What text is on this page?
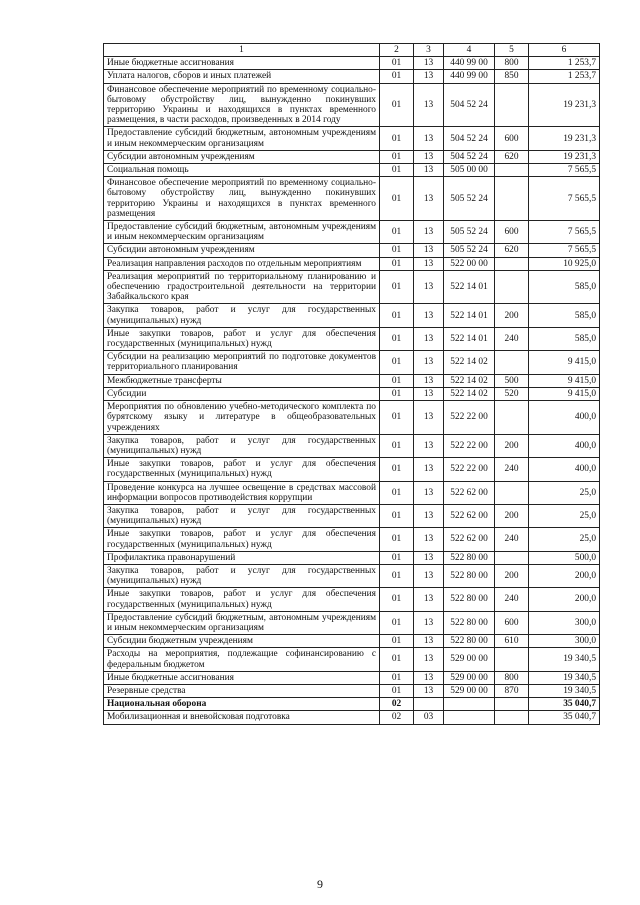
1	2	3	4	5	6
Иные бюджетные ассигнования	01	13	440 99 00	800	1 253,7
Уплата налогов, сборов и иных платежей	01	13	440 99 00	850	1 253,7
Финансовое обеспечение мероприятий по временному социально-бытовому обустройству лиц, вынужденно покинувших территорию Украины и находящихся в пунктах временного размещения, в части расходов, произведенных в 2014 году	01	13	504 52 24		19 231,3
Предоставление субсидий бюджетным, автономным учреждениям и иным некоммерческим организациям	01	13	504 52 24	600	19 231,3
Субсидии автономным учреждениям	01	13	504 52 24	620	19 231,3
Социальная помощь	01	13	505 00 00		7 565,5
Финансовое обеспечение мероприятий по временному социально-бытовому обустройству лиц, вынужденно покинувших территорию Украины и находящихся в пунктах временного размещения	01	13	505 52 24		7 565,5
Предоставление субсидий бюджетным, автономным учреждениям и иным некоммерческим организациям	01	13	505 52 24	600	7 565,5
Субсидии автономным учреждениям	01	13	505 52 24	620	7 565,5
Реализация направления расходов по отдельным мероприятиям	01	13	522 00 00		10 925,0
Реализация мероприятий по территориальному планированию и обеспечению градостроительной деятельности на территории Забайкальского края	01	13	522 14 01		585,0
Закупка товаров, работ и услуг для государственных (муниципальных) нужд	01	13	522 14 01	200	585,0
Иные закупки товаров, работ и услуг для обеспечения государственных (муниципальных) нужд	01	13	522 14 01	240	585,0
Субсидии на реализацию мероприятий по подготовке документов территориального планирования	01	13	522 14 02		9 415,0
Межбюджетные трансферты	01	13	522 14 02	500	9 415,0
Субсидии	01	13	522 14 02	520	9 415,0
Мероприятия по обновлению учебно-методического комплекта по бурятскому языку и литературе в общеобразовательных учреждениях	01	13	522 22 00		400,0
Закупка товаров, работ и услуг для государственных (муниципальных) нужд	01	13	522 22 00	200	400,0
Иные закупки товаров, работ и услуг для обеспечения государственных (муниципальных) нужд	01	13	522 22 00	240	400,0
Проведение конкурса на лучшее освещение в средствах массовой информации вопросов противодействия коррупции	01	13	522 62 00		25,0
Закупка товаров, работ и услуг для государственных (муниципальных) нужд	01	13	522 62 00	200	25,0
Иные закупки товаров, работ и услуг для обеспечения государственных (муниципальных) нужд	01	13	522 62 00	240	25,0
Профилактика правонарушений	01	13	522 80 00		500,0
Закупка товаров, работ и услуг для государственных (муниципальных) нужд	01	13	522 80 00	200	200,0
Иные закупки товаров, работ и услуг для обеспечения государственных (муниципальных) нужд	01	13	522 80 00	240	200,0
Предоставление субсидий бюджетным, автономным учреждениям и иным некоммерческим организациям	01	13	522 80 00	600	300,0
Субсидии бюджетным учреждениям	01	13	522 80 00	610	300,0
Расходы на мероприятия, подлежащие софинансированию с федеральным бюджетом	01	13	529 00 00		19 340,5
Иные бюджетные ассигнования	01	13	529 00 00	800	19 340,5
Резервные средства	01	13	529 00 00	870	19 340,5
Национальная оборона	02				35 040,7
Мобилизационная и вневойсковая подготовка	02	03			35 040,7
9
